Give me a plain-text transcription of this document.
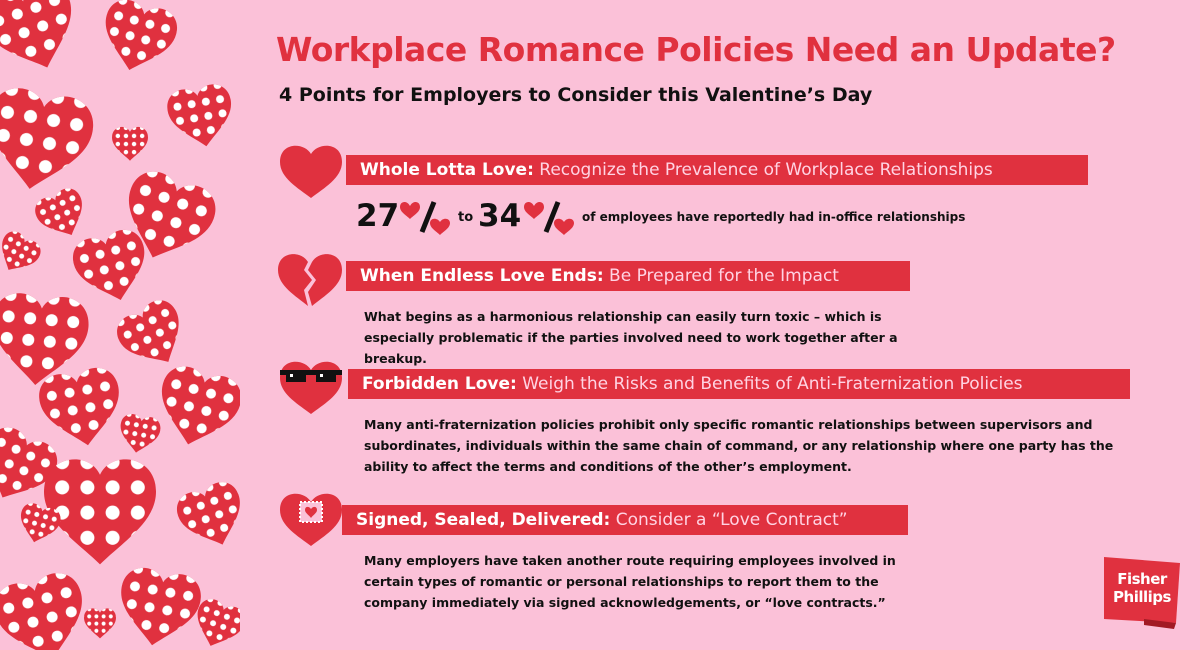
Workplace Romance Policies Need an Update?
4 Points for Employers to Consider this Valentine’s Day
Whole Lotta Love: Recognize the Prevalence of Workplace Relationships
27	to 34	of employees have reportedly had in-office relationships
When Endless Love Ends: Be Prepared for the Impact
What begins as a harmonious relationship can easily turn toxic – which is especially problematic if the parties involved need to work together after a breakup.
Forbidden Love: Weigh the Risks and Benefits of Anti-Fraternization Policies
Many anti-fraternization policies prohibit only specific romantic relationships between supervisors and subordinates, individuals within the same chain of command, or any relationship where one party has the ability to affect the terms and conditions of the other’s employment.
Signed, Sealed, Delivered: Consider a “Love Contract”
Many employers have taken another route requiring employees involved in certain types of romantic or personal relationships to report them to the company immediately via signed acknowledgements, or “love contracts.”
Fisher
Phillips
